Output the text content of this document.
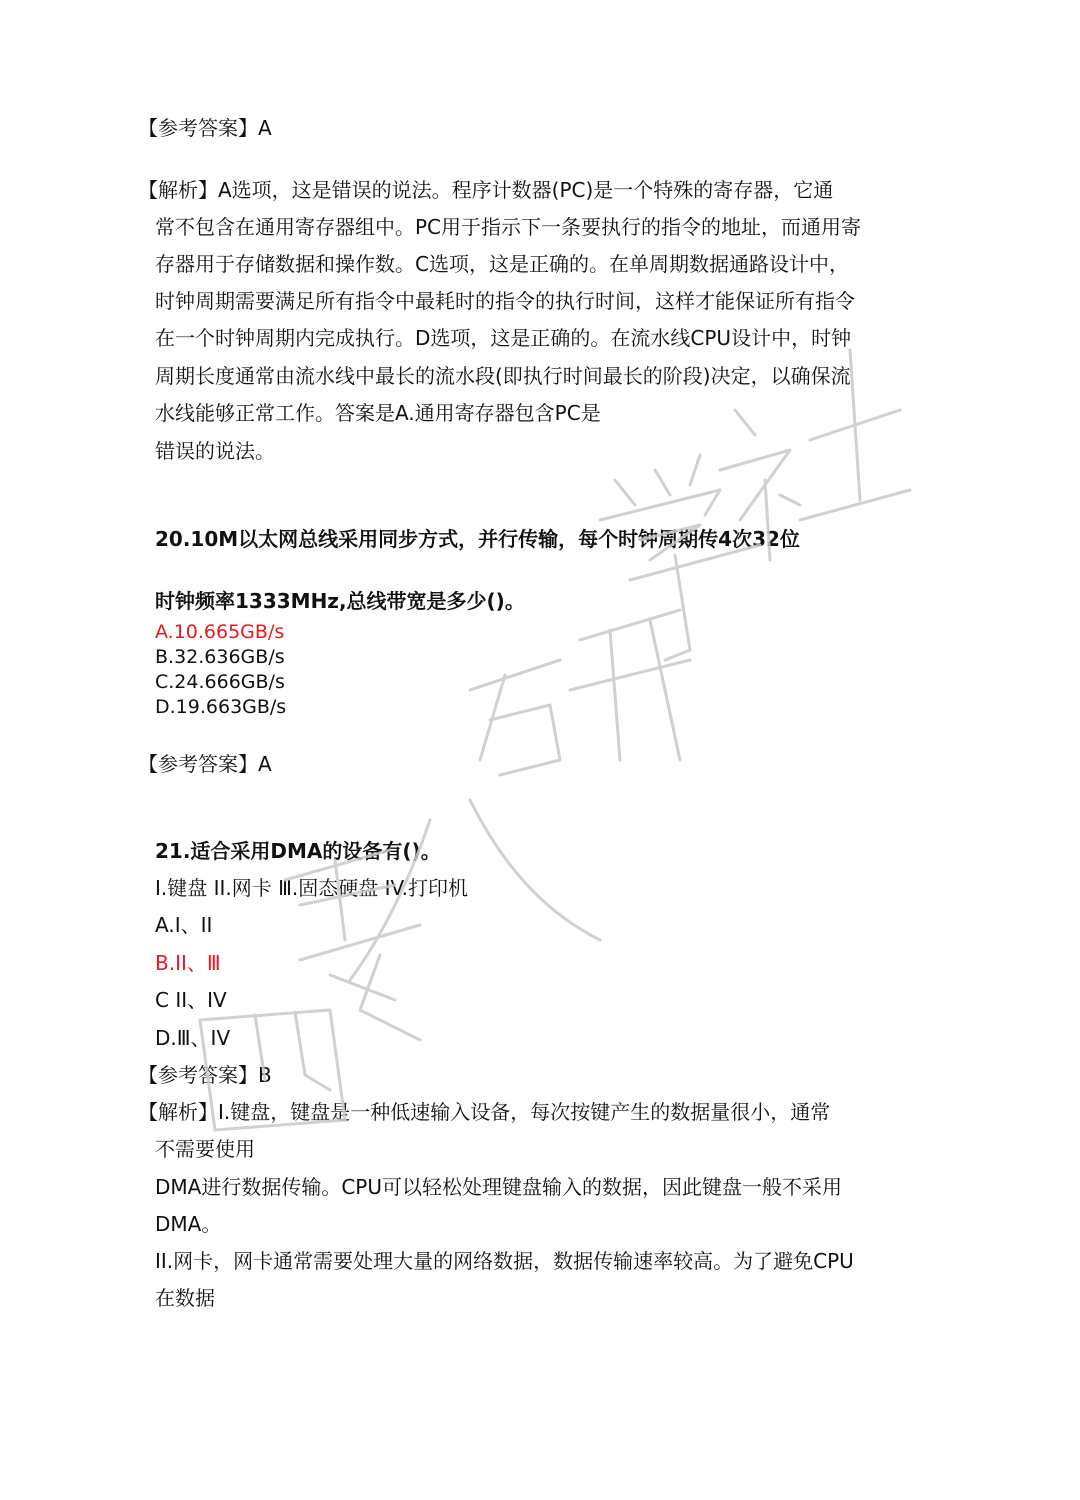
【参考答案】A
【解析】A选项，这是错误的说法。程序计数器(PC)是一个特殊的寄存器，它通
常不包含在通用寄存器组中。PC用于指示下一条要执行的指令的地址，而通用寄
存器用于存储数据和操作数。C选项，这是正确的。在单周期数据通路设计中，
时钟周期需要满足所有指令中最耗时的指令的执行时间，这样才能保证所有指令
在一个时钟周期内完成执行。D选项，这是正确的。在流水线CPU设计中，时钟
周期长度通常由流水线中最长的流水段(即执行时间最长的阶段)决定，以确保流
水线能够正常工作。答案是A.通用寄存器包含PC是
错误的说法。
20.10M以太网总线采用同步方式，并行传输，每个时钟周期传4次32位
时钟频率1333MHz,总线带宽是多少()。
A.10.665GB/s
B.32.636GB/s
C.24.666GB/s
D.19.663GB/s
【参考答案】A
21.适合采用DMA的设备有()。
I.键盘 II.网卡 Ⅲ.固态硬盘 IV.打印机
A.I、II
B.II、Ⅲ
C II、IV
D.Ⅲ、IV
【参考答案】B
【解析】I.键盘，键盘是一种低速输入设备，每次按键产生的数据量很小，通常
不需要使用
DMA进行数据传输。CPU可以轻松处理键盘输入的数据，因此键盘一般不采用
DMA。
II.网卡，网卡通常需要处理大量的网络数据，数据传输速率较高。为了避免CPU
在数据
